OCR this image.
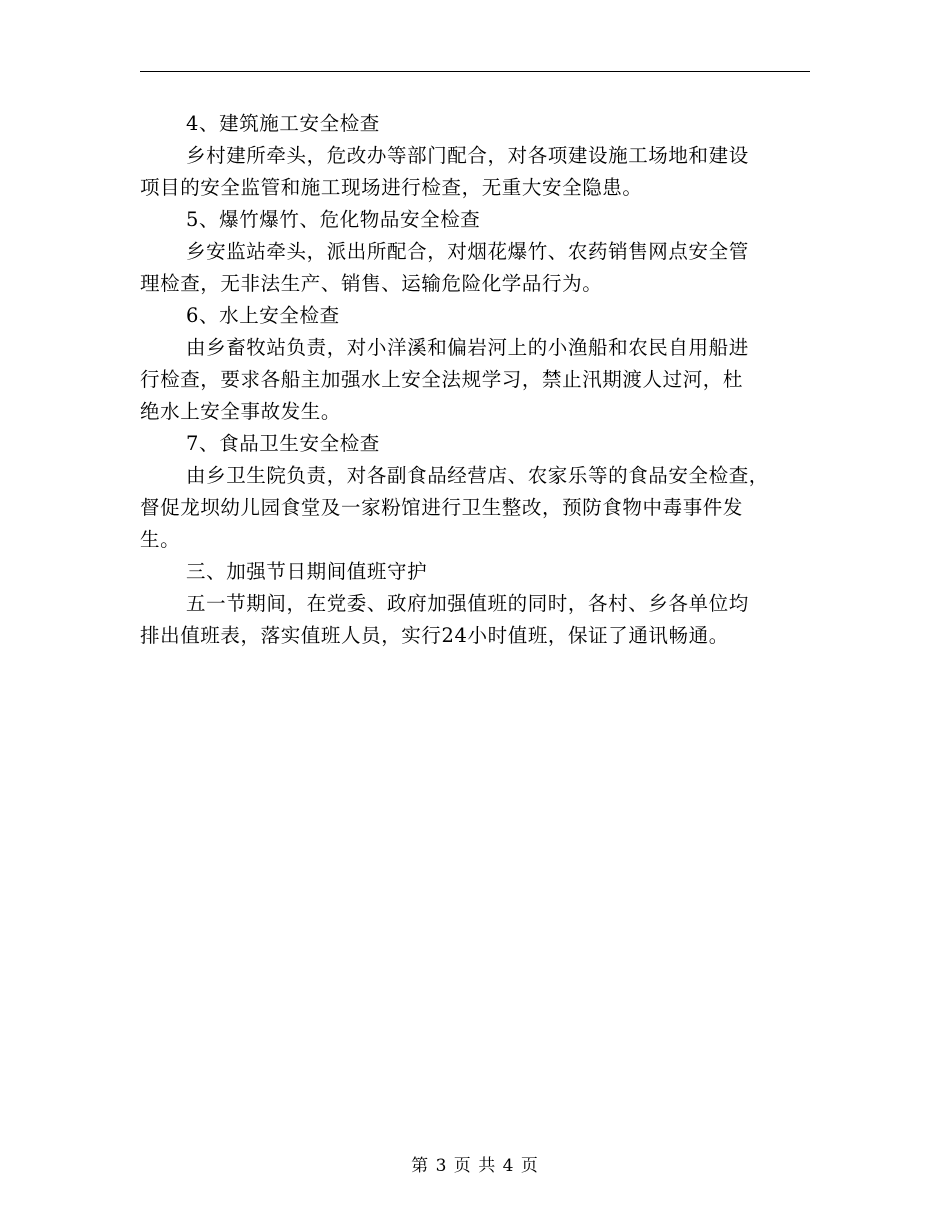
4、建筑施工安全检查
乡村建所牵头，危改办等部门配合，对各项建设施工场地和建设
项目的安全监管和施工现场进行检查，无重大安全隐患。
5、爆竹爆竹、危化物品安全检查
乡安监站牵头，派出所配合，对烟花爆竹、农药销售网点安全管
理检查，无非法生产、销售、运输危险化学品行为。
6、水上安全检查
由乡畜牧站负责，对小洋溪和偏岩河上的小渔船和农民自用船进
行检查，要求各船主加强水上安全法规学习，禁止汛期渡人过河，杜
绝水上安全事故发生。
7、食品卫生安全检查
由乡卫生院负责，对各副食品经营店、农家乐等的食品安全检查，
督促龙坝幼儿园食堂及一家粉馆进行卫生整改，预防食物中毒事件发
生。
三、加强节日期间值班守护
五一节期间，在党委、政府加强值班的同时，各村、乡各单位均
排出值班表，落实值班人员，实行24小时值班，保证了通讯畅通。
第 3 页 共 4 页
